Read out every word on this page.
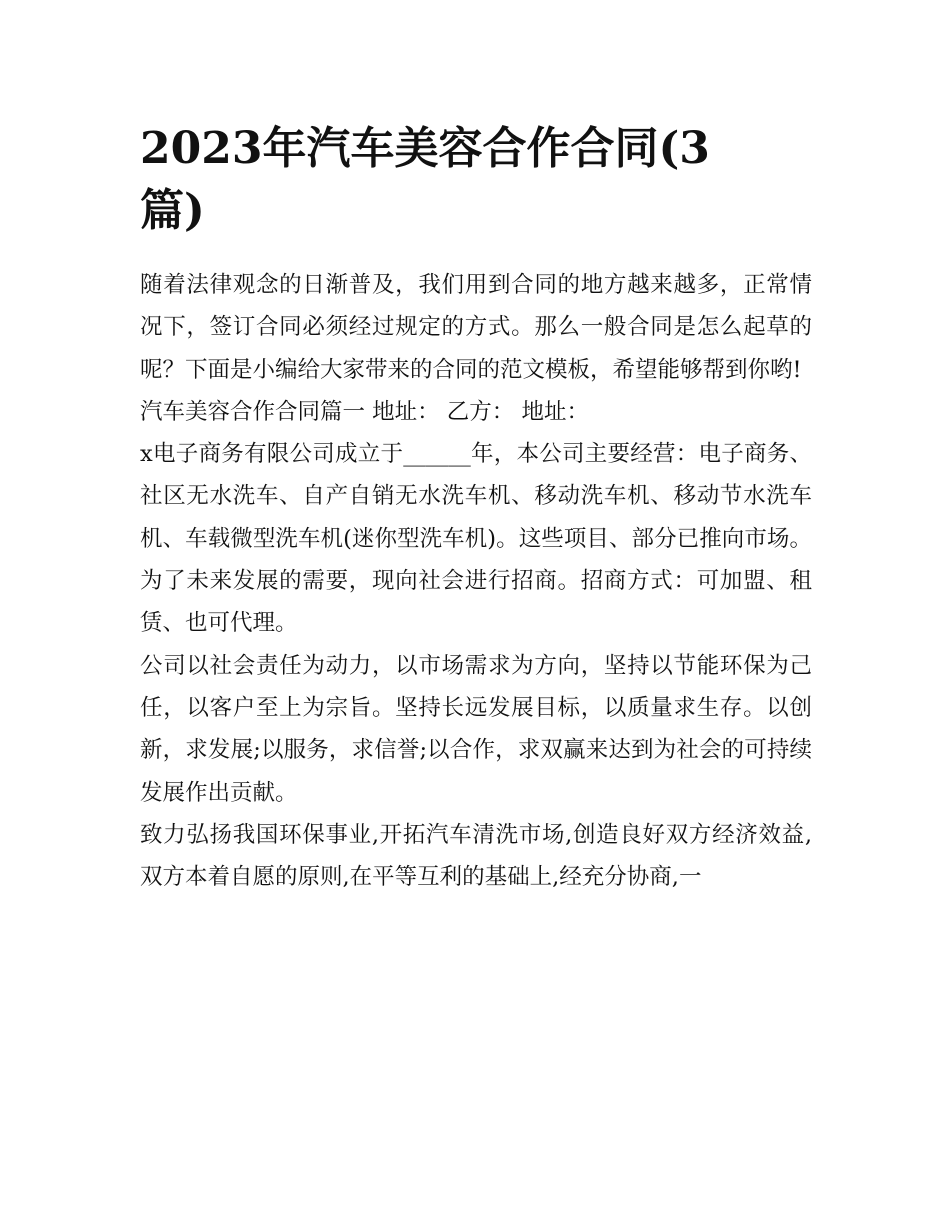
2023年汽车美容合作合同(3篇)

随着法律观念的日渐普及，我们用到合同的地方越来越多，正常情况下，签订合同必须经过规定的方式。那么一般合同是怎么起草的呢？下面是小编给大家带来的合同的范文模板，希望能够帮到你哟!

汽车美容合作合同篇一 地址： 乙方： 地址：

x电子商务有限公司成立于______年，本公司主要经营：电子商务、社区无水洗车、自产自销无水洗车机、移动洗车机、移动节水洗车机、车载微型洗车机(迷你型洗车机)。这些项目、部分已推向市场。为了未来发展的需要，现向社会进行招商。招商方式：可加盟、租赁、也可代理。

公司以社会责任为动力，以市场需求为方向，坚持以节能环保为己任，以客户至上为宗旨。坚持长远发展目标，以质量求生存。以创新，求发展;以服务，求信誉;以合作，求双赢来达到为社会的可持续发展作出贡献。

致力弘扬我国环保事业,开拓汽车清洗市场,创造良好双方经济效益,双方本着自愿的原则,在平等互利的基础上,经充分协商,一
